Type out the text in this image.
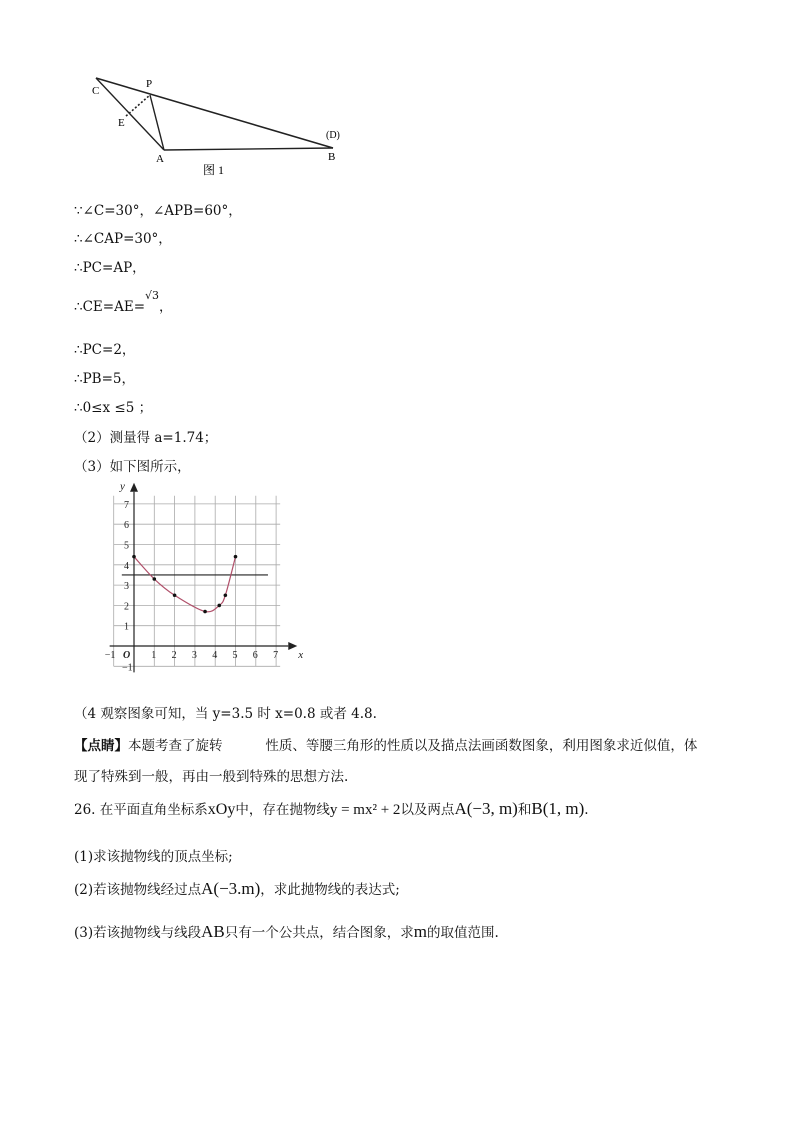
P
C
E
A	B
(D)
图 1
∵∠C=30°，∠APB=60°，
∴∠CAP=30°，
∴PC=AP，
∴CE=AE=$^{√3}$，
∴PC=2，
∴PB=5，
∴0≤x ≤5 ；
（2）测量得 a=1.74；
（3）如下图所示，
y
x
O
1
2
3
4
5
6
7
1 2 3 4 5 6 7
−1
−1
（4 观察图象可知，当 y=3.5 时 x=0.8 或者 4.8.
【点睛】本题考查了旋转          性质、等腰三角形的性质以及描点法画函数图象，利用图象求近似值，体
现了特殊到一般，再由一般到特殊的思想方法.
26. 在平面直角坐标系xOy中，存在抛物线y = mx² + 2以及两点A(−3, m)和B(1, m).
(1)求该抛物线的顶点坐标;
(2)若该抛物线经过点A(−3.m)，求此抛物线的表达式;
(3)若该抛物线与线段AB只有一个公共点，结合图象，求m的取值范围.
